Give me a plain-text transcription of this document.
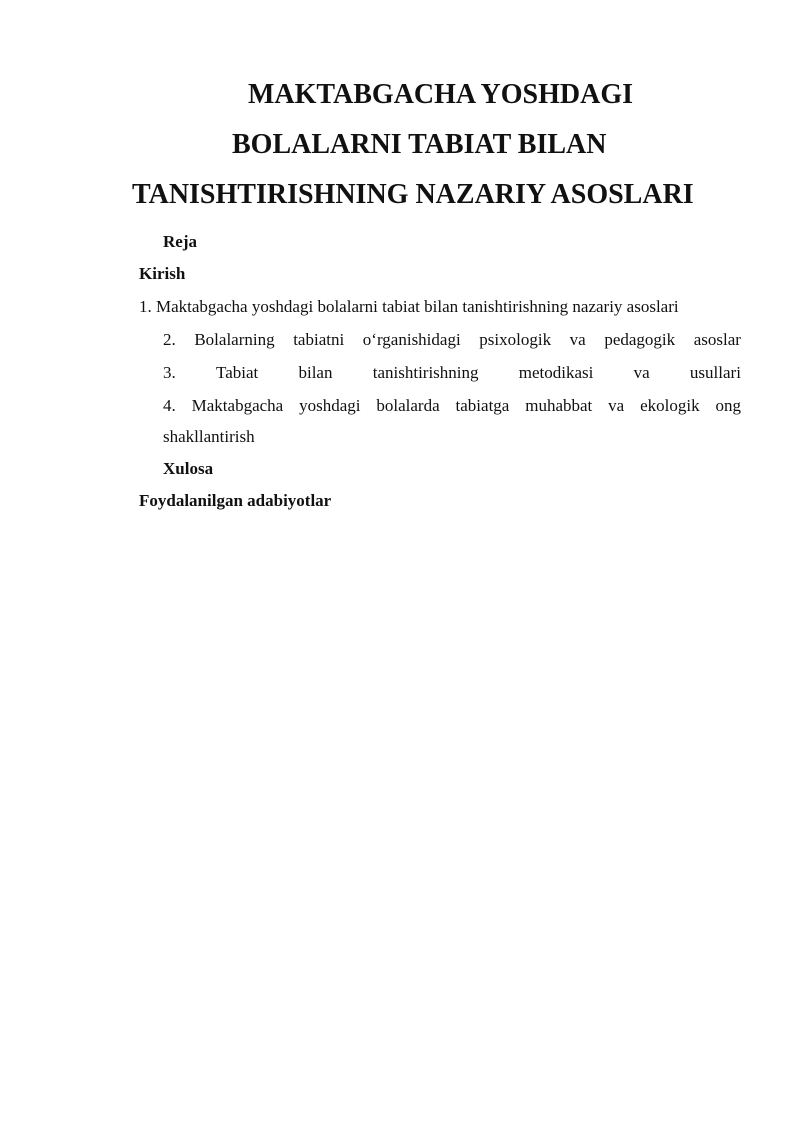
MAKTABGACHA YOSHDAGI
BOLALARNI TABIAT BILAN
TANISHTIRISHNING NAZARIY ASOSLARI
Reja
Kirish
1. Maktabgacha yoshdagi bolalarni tabiat bilan tanishtirishning nazariy asoslari
2. Bolalarning tabiatni o‘rganishidagi psixologik va pedagogik asoslar
3. Tabiat bilan tanishtirishning metodikasi va usullari
4. Maktabgacha yoshdagi bolalarda tabiatga muhabbat va ekologik ong
shakllantirish
Xulosa
Foydalanilgan adabiyotlar
